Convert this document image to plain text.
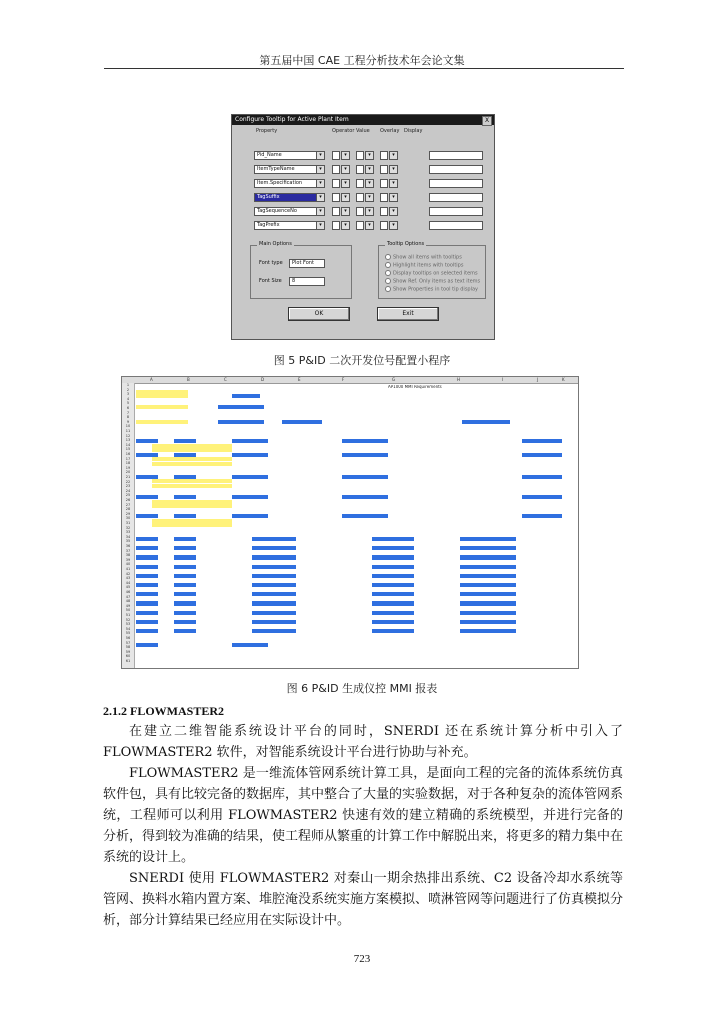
第五届中国 CAE 工程分析技术年会论文集
Configure Tooltip for Active Plant Item	X
Property	Operator Value Overlay Display
Pid_Name	▾	▾	▾	▾
ItemTypeName	▾	▾	▾	▾
Item.Specification	▾	▾	▾	▾
TagSuffix	▾	▾	▾	▾
TagSequenceNo	▾	▾	▾	▾
TagPrefix	▾	▾	▾	▾
Main Options
Font type	Plot Font
Font Size	8
Tooltip Options
Show all items with tooltips
Highlight items with tooltips
Display tooltips on selected items
Show Ref. Only items as text items
Show Properties in tool tip display
OK	Exit
图 5 P&ID 二次开发位号配置小程序
A	B	C	D	E	F	G	H	I	J	K
1
2
3
4
5
6
7
8
9
10
11
12
13
14
15
16
17
18
19
20
21
22
23
24
25
26
27
28
29
30
31
32
33
34
35
36
37
38
39
40
41
42
43
44
45
46
47
48
49
50
51
52
53
54
55
56
57
58
59
60
61
AP1000 MMI Requirements
图 6 P&ID 生成仪控 MMI 报表
2.1.2 FLOWMASTER2
在建立二维智能系统设计平台的同时，SNERDI 还在系统计算分析中引入了 FLOWMASTER2 软件，对智能系统设计平台进行协助与补充。
FLOWMASTER2 是一维流体管网系统计算工具，是面向工程的完备的流体系统仿真软件包，具有比较完备的数据库，其中整合了大量的实验数据，对于各种复杂的流体管网系统，工程师可以利用 FLOWMASTER2 快速有效的建立精确的系统模型，并进行完备的分析，得到较为准确的结果，使工程师从繁重的计算工作中解脱出来，将更多的精力集中在系统的设计上。
SNERDI 使用 FLOWMASTER2 对秦山一期余热排出系统、C2 设备冷却水系统等管网、换料水箱内置方案、堆腔淹没系统实施方案模拟、喷淋管网等问题进行了仿真模拟分析，部分计算结果已经应用在实际设计中。
723
